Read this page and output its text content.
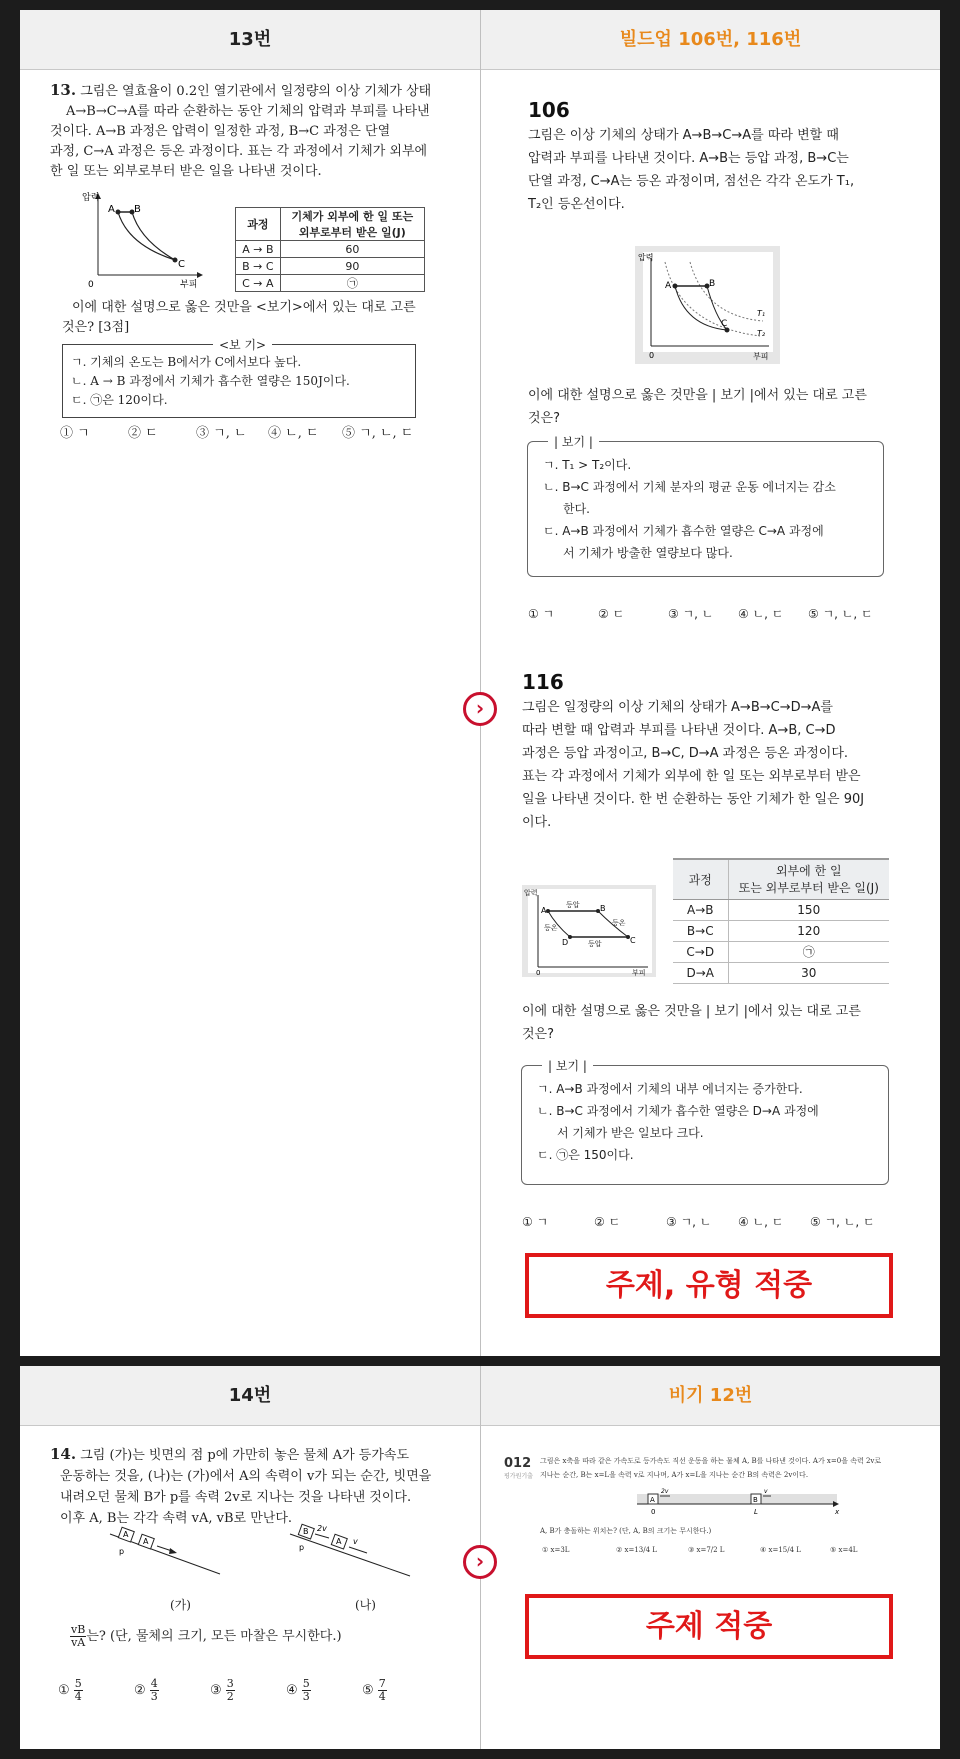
13번	빌드업 106번, 116번
13. 그림은 열효율이 0.2인 열기관에서 일정량의 이상 기체가 상태
A→B→C→A를 따라 순환하는 동안 기체의 압력과 부피를 나타낸
것이다. A→B 과정은 압력이 일정한 과정, B→C 과정은 단열
과정, C→A 과정은 등온 과정이다. 표는 각 과정에서 기체가 외부에
한 일 또는 외부로부터 받은 일을 나타낸 것이다.
압력
부피
0
A B
C
과정	기체가 외부에 한 일 또는
외부로부터 받은 일(J)

A → B	60
B → C	90
C → A	㉠
이에 대한 설명으로 옳은 것만을 <보기>에서 있는 대로 고른
것은? [3점]
<보 기>
ㄱ. 기체의 온도는 B에서가 C에서보다 높다.
ㄴ. A → B 과정에서 기체가 흡수한 열량은 150J이다.
ㄷ. ㉠은 120이다.
① ㄱ	② ㄷ	③ ㄱ, ㄴ ④ ㄴ, ㄷ ⑤ ㄱ, ㄴ, ㄷ
106
그림은 이상 기체의 상태가 A→B→C→A를 따라 변할 때
압력과 부피를 나타낸 것이다. A→B는 등압 과정, B→C는
단열 과정, C→A는 등온 과정이며, 점선은 각각 온도가 T₁,
T₂인 등온선이다.
압력
부피
0
A	B
C
T₁
T₂
이에 대한 설명으로 옳은 것만을 | 보기 |에서 있는 대로 고른
것은?
| 보기 |
ㄱ. T₁ > T₂이다.
ㄴ. B→C 과정에서 기체 분자의 평균 운동 에너지는 감소
한다.
ㄷ. A→B 과정에서 기체가 흡수한 열량은 C→A 과정에
서 기체가 방출한 열량보다 많다.
① ㄱ	② ㄷ	③ ㄱ, ㄴ ④ ㄴ, ㄷ ⑤ ㄱ, ㄴ, ㄷ
›
116
그림은 일정량의 이상 기체의 상태가 A→B→C→D→A를
따라 변할 때 압력과 부피를 나타낸 것이다. A→B, C→D
과정은 등압 과정이고, B→C, D→A 과정은 등온 과정이다.
표는 각 과정에서 기체가 외부에 한 일 또는 외부로부터 받은
일을 나타낸 것이다. 한 번 순환하는 동안 기체가 한 일은 90J
이다.
압력
부피
0
A	B
C
D
등압
등온
등온
등압
과정	외부에 한 일
또는 외부로부터 받은 일(J)

A→B	150
B→C	120
C→D	㉠
D→A	30
이에 대한 설명으로 옳은 것만을 | 보기 |에서 있는 대로 고른
것은?
| 보기 |
ㄱ. A→B 과정에서 기체의 내부 에너지는 증가한다.
ㄴ. B→C 과정에서 기체가 흡수한 열량은 D→A 과정에
서 기체가 받은 일보다 크다.
ㄷ. ㉠은 150이다.
① ㄱ	② ㄷ	③ ㄱ, ㄴ ④ ㄴ, ㄷ ⑤ ㄱ, ㄴ, ㄷ
주제, 유형 적중
14번	비기 12번
14. 그림 (가)는 빗면의 점 p에 가만히 놓은 물체 A가 등가속도
운동하는 것을, (나)는 (가)에서 A의 속력이 v가 되는 순간, 빗면을
내려오던 물체 B가 p를 속력 2v로 지나는 것을 나타낸 것이다.
이후 A, B는 각각 속력 vA, vB로 만난다.
A
A
p
(가)
B
A
2v
v
p
(나)
$\frac{vB}{vA}$ 는? (단, 물체의 크기, 모든 마찰은 무시한다.)
① $\frac{5}{4}$	② $\frac{4}{3}$	③ $\frac{3}{2}$	④ $\frac{5}{3}$	⑤ $\frac{7}{4}$
›
012
평가원기출
그림은 x축을 따라 같은 가속도로 등가속도 직선 운동을 하는 물체 A, B를 나타낸 것이다. A가 x=0을 속력 2v로
지나는 순간, B는 x=L을 속력 v로 지나며, A가 x=L을 지나는 순간 B의 속력은 2v이다.
A	B
2v	v
0	L	x
A, B가 충돌하는 위치는? (단, A, B의 크기는 무시한다.)
① x=3L	② x=13/4 L	③ x=7/2 L	④ x=15/4 L	⑤ x=4L
주제 적중
